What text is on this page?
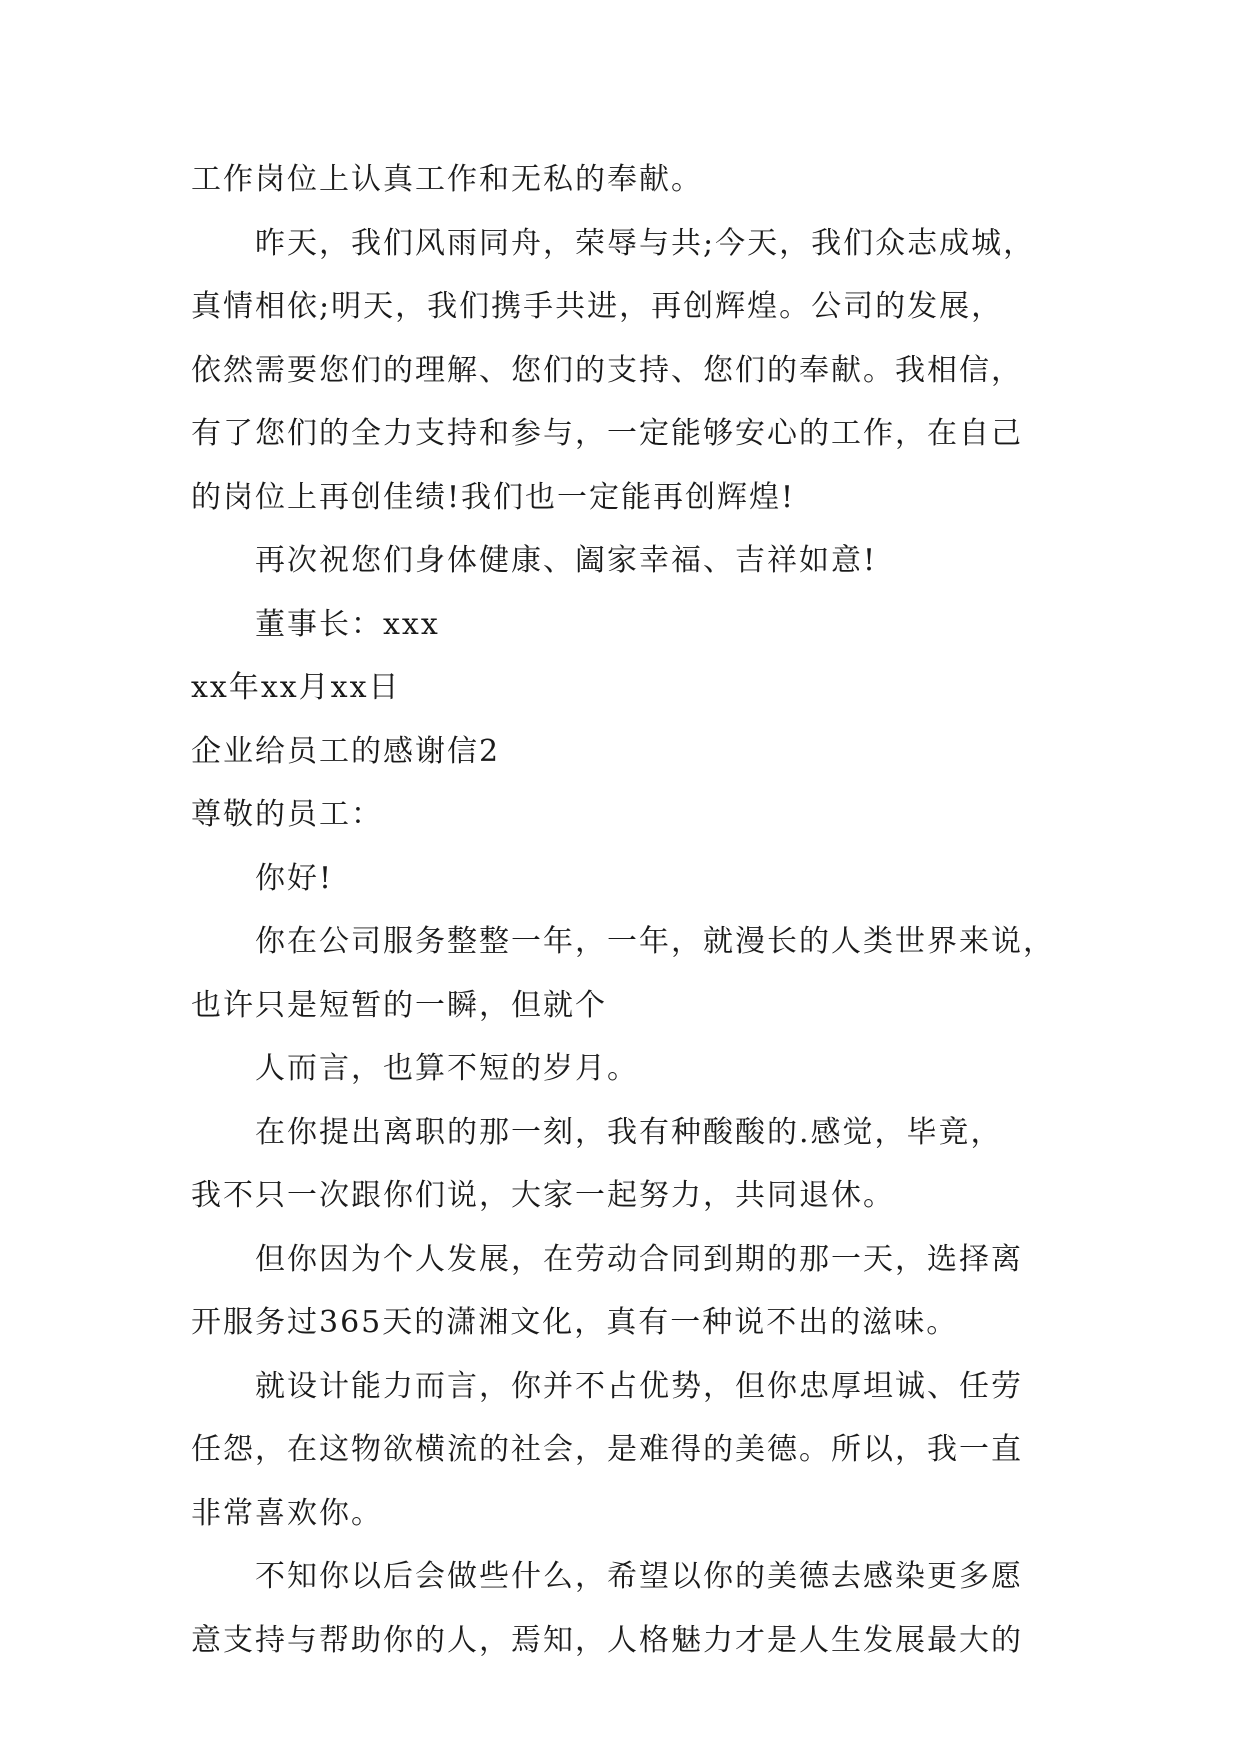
工作岗位上认真工作和无私的奉献。
昨天，我们风雨同舟，荣辱与共;今天，我们众志成城，
真情相依;明天，我们携手共进，再创辉煌。公司的发展，
依然需要您们的理解、您们的支持、您们的奉献。我相信，
有了您们的全力支持和参与，一定能够安心的工作，在自己
的岗位上再创佳绩!我们也一定能再创辉煌!
再次祝您们身体健康、阖家幸福、吉祥如意!
董事长：xxx
xx年xx月xx日
企业给员工的感谢信2
尊敬的员工：
你好!
你在公司服务整整一年，一年，就漫长的人类世界来说，
也许只是短暂的一瞬，但就个
人而言，也算不短的岁月。
在你提出离职的那一刻，我有种酸酸的.感觉，毕竟，
我不只一次跟你们说，大家一起努力，共同退休。
但你因为个人发展，在劳动合同到期的那一天，选择离
开服务过365天的潇湘文化，真有一种说不出的滋味。
就设计能力而言，你并不占优势，但你忠厚坦诚、任劳
任怨，在这物欲横流的社会，是难得的美德。所以，我一直
非常喜欢你。
不知你以后会做些什么，希望以你的美德去感染更多愿
意支持与帮助你的人，焉知，人格魅力才是人生发展最大的
